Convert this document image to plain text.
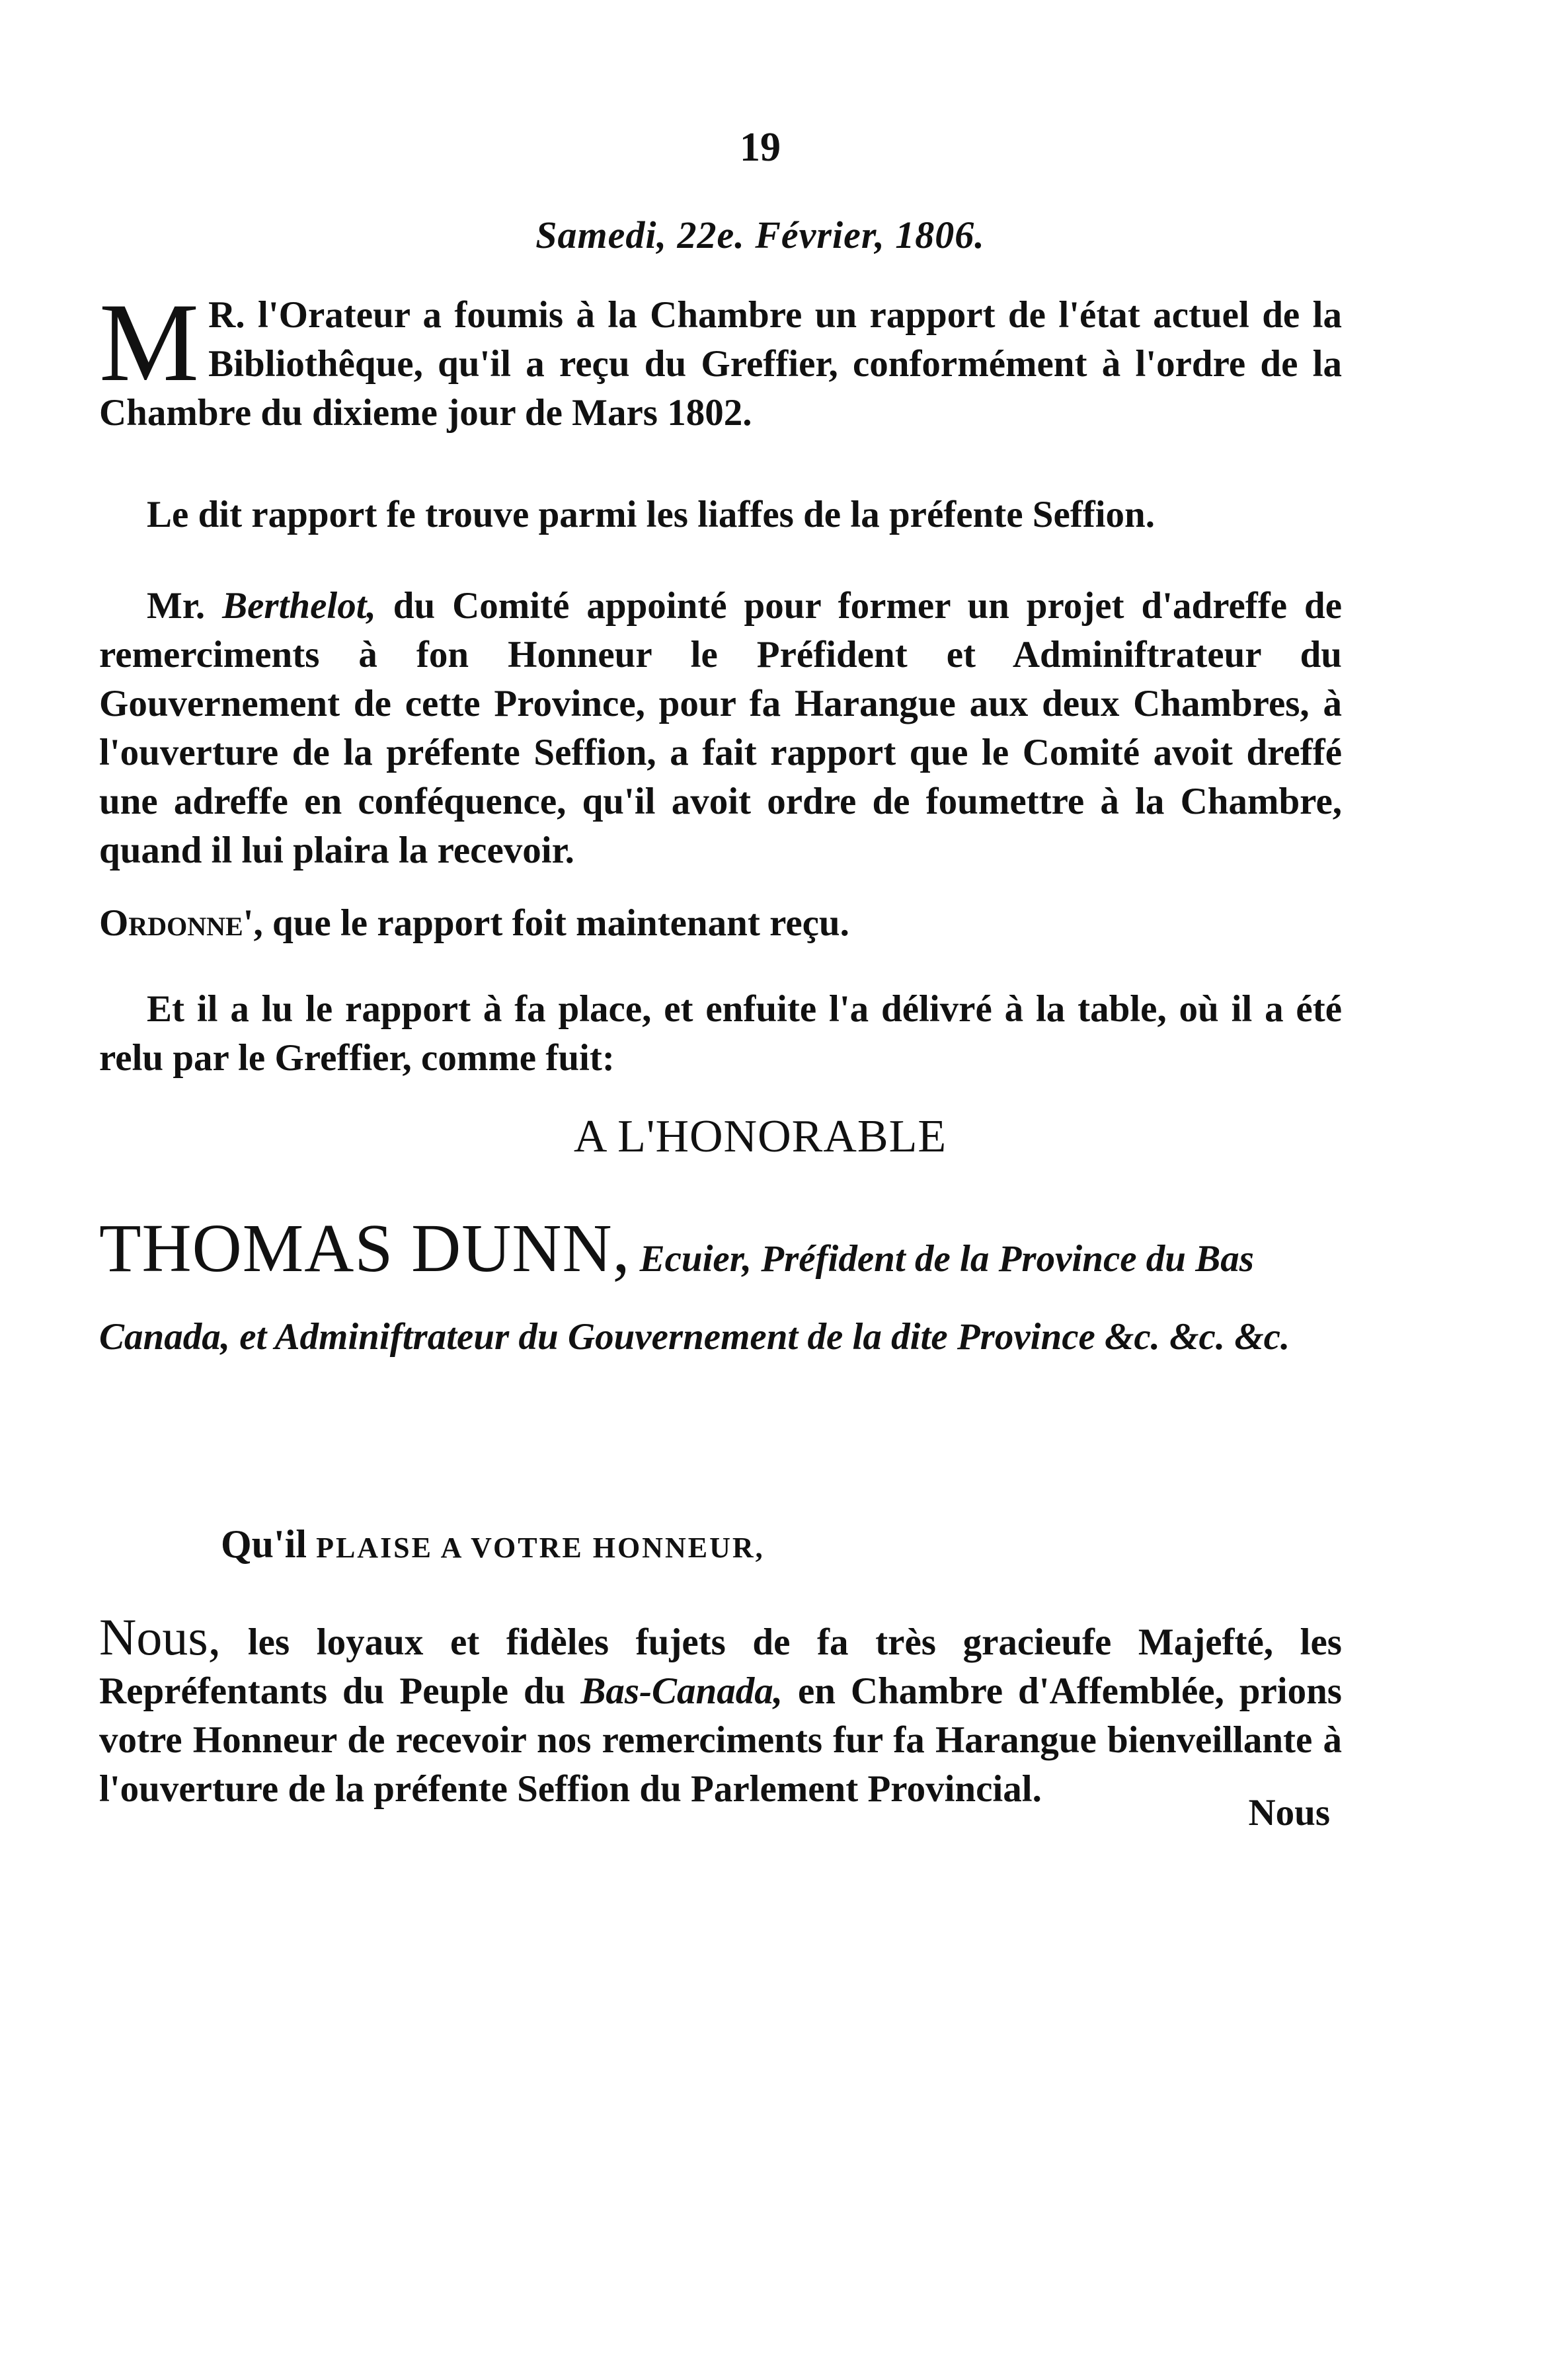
19
Samedi, 22e. Février, 1806.

M R. l'Orateur a foumis à la Chambre un rapport de l'état actuel de la Bibliothêque, qu'il a reçu du Greffier, conformément à l'ordre de la Chambre du dixieme jour de Mars 1802.

Le dit rapport fe trouve parmi les liaffes de la préfente Seffion.

Mr. Berthelot, du Comité appointé pour former un projet d'adreffe de remerciments à fon Honneur le Préfident et Adminiftrateur du Gouvernement de cette Province, pour fa Harangue aux deux Chambres, à l'ouverture de la préfente Seffion, a fait rapport que le Comité avoit dreffé une adreffe en conféquence, qu'il avoit ordre de foumettre à la Chambre, quand il lui plaira la recevoir.

Ordonne', que le rapport foit maintenant reçu.

Et il a lu le rapport à fa place, et enfuite l'a délivré à la table, où il a été relu par le Greffier, comme fuit:

A L'HONORABLE

THOMAS DUNN, Ecuier, Préfident de la Province du Bas Canada, et Adminiftrateur du Gouvernement de la dite Province &c. &c. &c.

Qu'il PLAISE A VOTRE HONNEUR,

Nous, les loyaux et fidèles fujets de fa très gracieufe Majefté, les Repréfentants du Peuple du Bas-Canada, en Chambre d'Affemblée, prions votre Honneur de recevoir nos remerciments fur fa Harangue bienveillante à l'ouverture de la préfente Seffion du Parlement Provincial.

Nous
